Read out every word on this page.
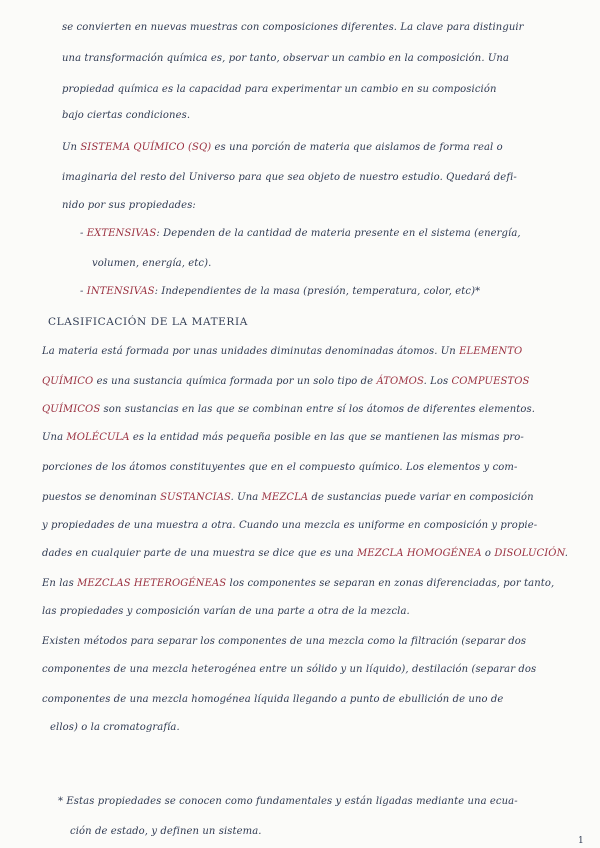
se convierten en nuevas muestras con composiciones diferentes. La clave para distinguir
una transformación química es, por tanto, observar un cambio en la composición. Una
propiedad química es la capacidad para experimentar un cambio en su composición
bajo ciertas condiciones.
Un SISTEMA QUÍMICO (SQ) es una porción de materia que aislamos de forma real o
imaginaria del resto del Universo para que sea objeto de nuestro estudio. Quedará defi-
nido por sus propiedades:
- EXTENSIVAS: Dependen de la cantidad de materia presente en el sistema (energía,
volumen, energía, etc).
- INTENSIVAS: Independientes de la masa (presión, temperatura, color, etc)*
CLASIFICACIÓN DE LA MATERIA
La materia está formada por unas unidades diminutas denominadas átomos. Un ELEMENTO
QUÍMICO es una sustancia química formada por un solo tipo de ÁTOMOS. Los COMPUESTOS
QUÍMICOS son sustancias en las que se combinan entre sí los átomos de diferentes elementos.
Una MOLÉCULA es la entidad más pequeña posible en las que se mantienen las mismas pro-
porciones de los átomos constituyentes que en el compuesto químico. Los elementos y com-
puestos se denominan SUSTANCIAS. Una MEZCLA de sustancias puede variar en composición
y propiedades de una muestra a otra. Cuando una mezcla es uniforme en composición y propie-
dades en cualquier parte de una muestra se dice que es una MEZCLA HOMOGÉNEA o DISOLUCIÓN.
En las MEZCLAS HETEROGÉNEAS los componentes se separan en zonas diferenciadas, por tanto,
las propiedades y composición varían de una parte a otra de la mezcla.
Existen métodos para separar los componentes de una mezcla como la filtración (separar dos
componentes de una mezcla heterogénea entre un sólido y un líquido), destilación (separar dos
componentes de una mezcla homogénea líquida llegando a punto de ebullición de uno de
ellos) o la cromatografía.
* Estas propiedades se conocen como fundamentales y están ligadas mediante una ecua-
ción de estado, y definen un sistema.
1
